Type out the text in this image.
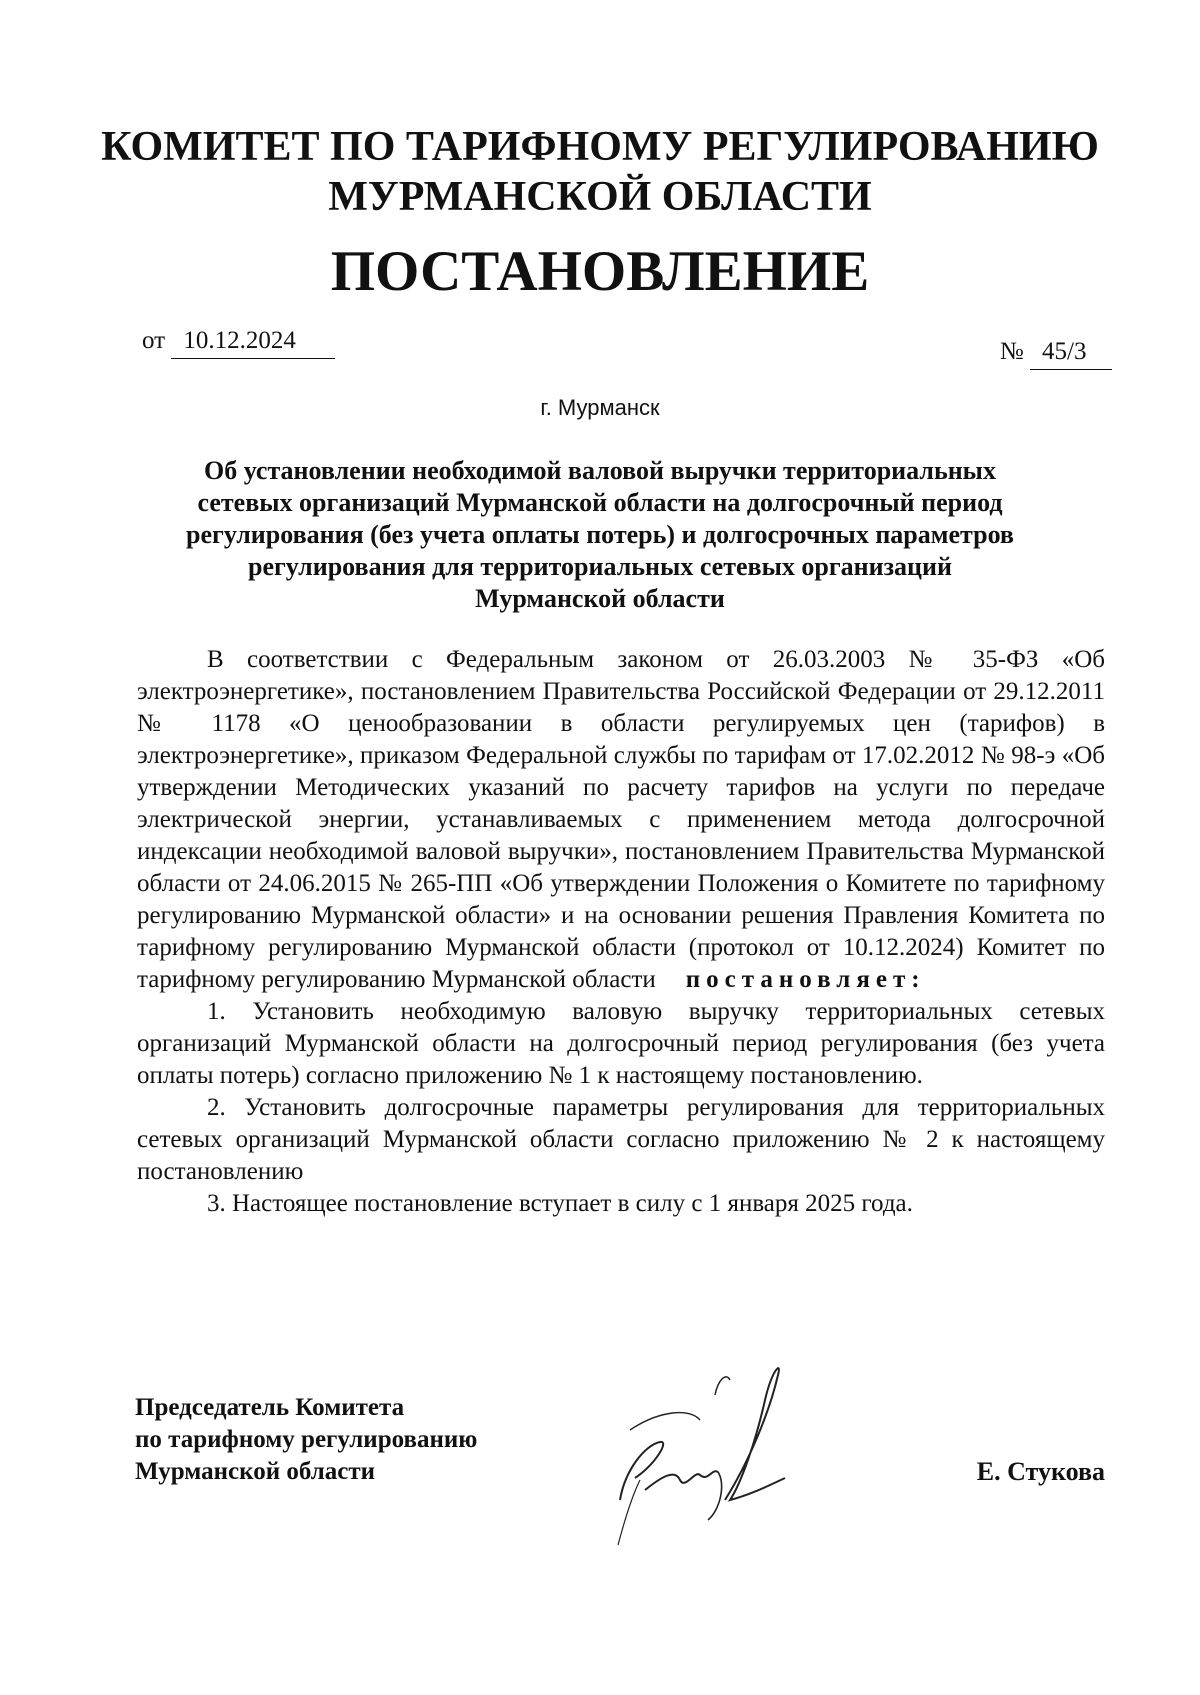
КОМИТЕТ ПО ТАРИФНОМУ РЕГУЛИРОВАНИЮ
МУРМАНСКОЙ ОБЛАСТИ
ПОСТАНОВЛЕНИЕ
от 10.12.2024	№ 45/3
г. Мурманск
Об установлении необходимой валовой выручки территориальных
сетевых организаций Мурманской области на долгосрочный период
регулирования (без учета оплаты потерь) и долгосрочных параметров
регулирования для территориальных сетевых организаций
Мурманской области

В соответствии с Федеральным законом от 26.03.2003 № 35-ФЗ «Об электроэнергетике», постановлением Правительства Российской Федерации от 29.12.2011 № 1178 «О ценообразовании в области регулируемых цен (тарифов) в электроэнергетике», приказом Федеральной службы по тарифам от 17.02.2012 № 98-э «Об утверждении Методических указаний по расчету тарифов на услуги по передаче электрической энергии, устанавливаемых с применением метода долгосрочной индексации необходимой валовой выручки», постановлением Правительства Мурманской области от 24.06.2015 № 265-ПП «Об утверждении Положения о Комитете по тарифному регулированию Мурманской области» и на основании решения Правления Комитета по тарифному регулированию Мурманской области (протокол от 10.12.2024) Комитет по тарифному регулированию Мурманской области постановляет:

1. Установить необходимую валовую выручку территориальных сетевых организаций Мурманской области на долгосрочный период регулирования (без учета оплаты потерь) согласно приложению № 1 к настоящему постановлению.

2. Установить долгосрочные параметры регулирования для территориальных сетевых организаций Мурманской области согласно приложению № 2 к настоящему постановлению

3. Настоящее постановление вступает в силу с 1 января 2025 года.

Председатель Комитета
по тарифному регулированию
Мурманской области	Е. Стукова
